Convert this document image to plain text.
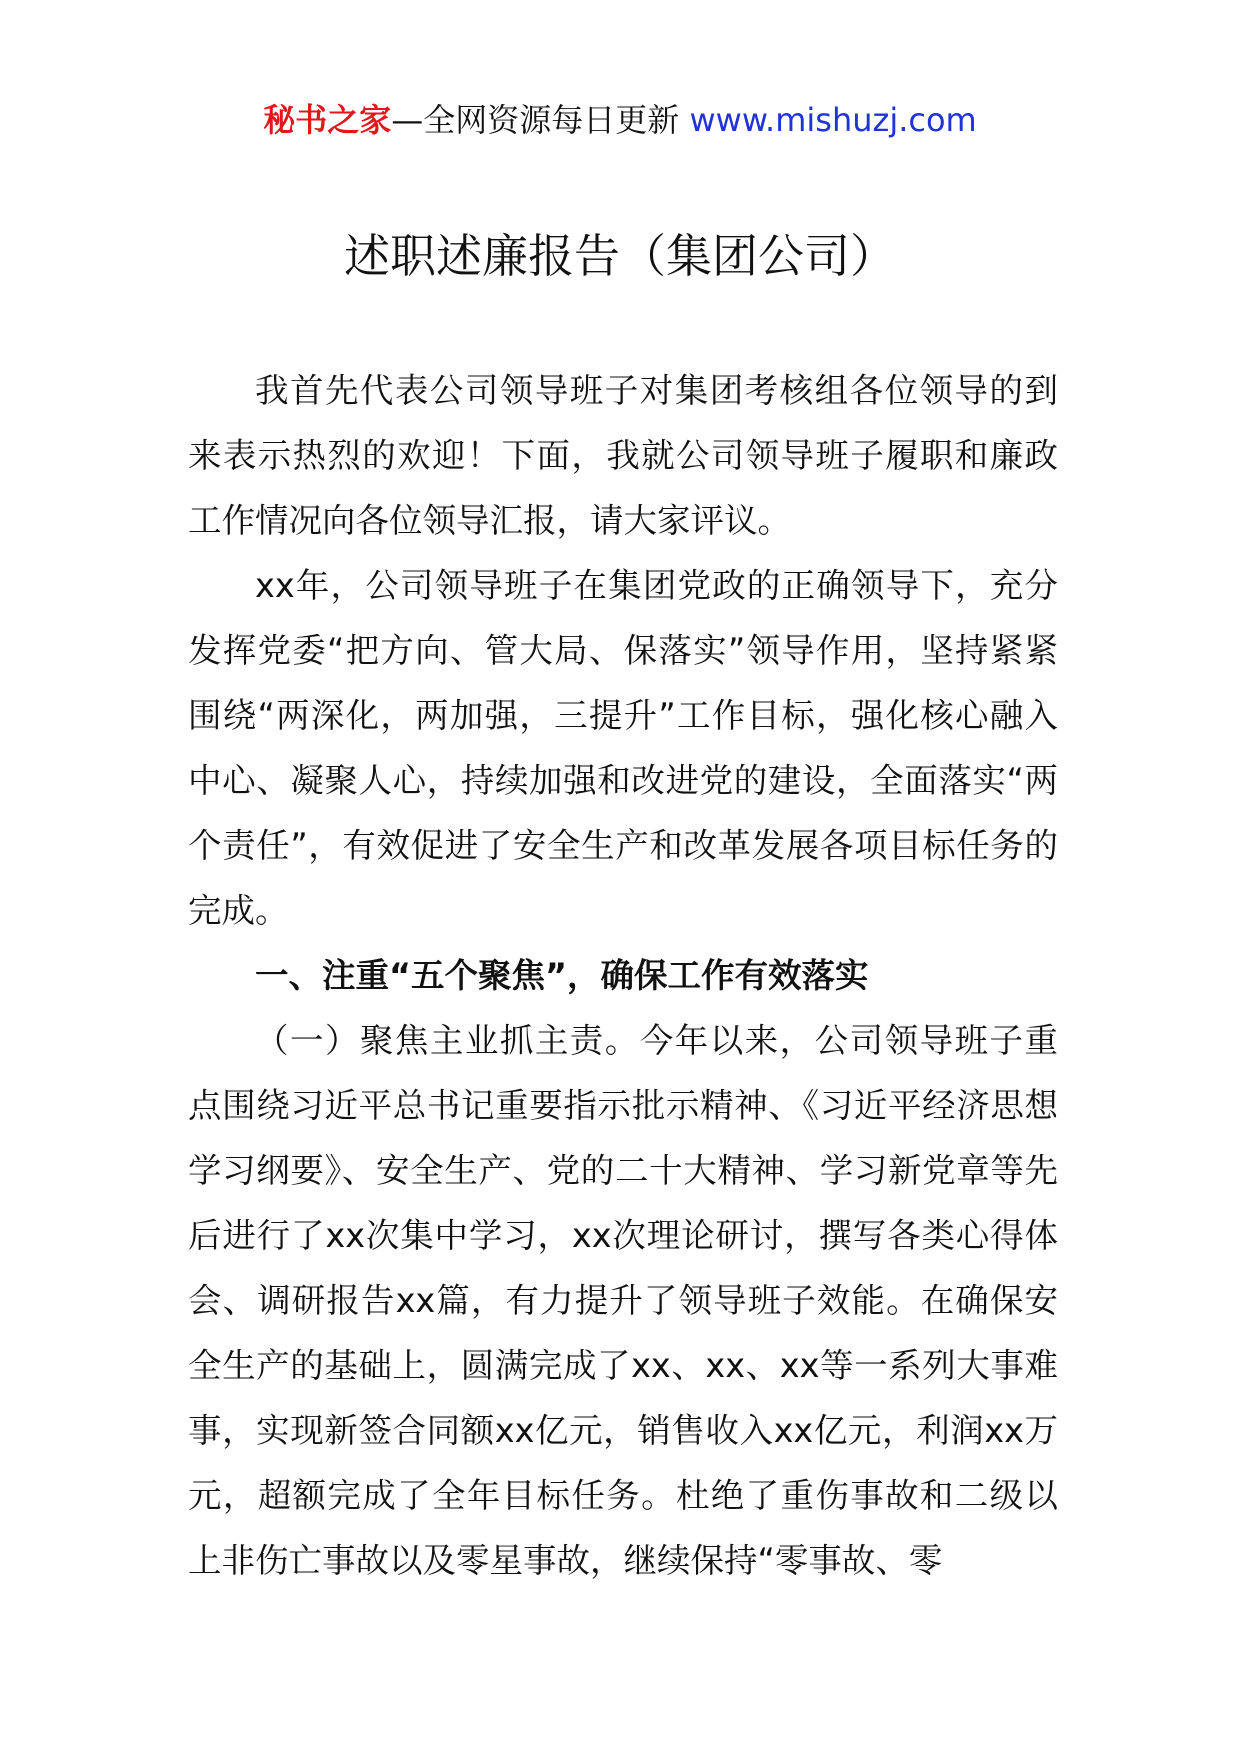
秘书之家—全网资源每日更新 www.mishuzj.com
述职述廉报告（集团公司）

我首先代表公司领导班子对集团考核组各位领导的到来表示热烈的欢迎！下面，我就公司领导班子履职和廉政工作情况向各位领导汇报，请大家评议。

xx年，公司领导班子在集团党政的正确领导下，充分发挥党委“把方向、管大局、保落实”领导作用，坚持紧紧围绕“两深化，两加强，三提升”工作目标，强化核心融入中心、凝聚人心，持续加强和改进党的建设，全面落实“两个责任”，有效促进了安全生产和改革发展各项目标任务的完成。

一、注重“五个聚焦”，确保工作有效落实

（一）聚焦主业抓主责。今年以来，公司领导班子重点围绕习近平总书记重要指示批示精神、《习近平经济思想学习纲要》、安全生产、党的二十大精神、学习新党章等先后进行了xx次集中学习，xx次理论研讨，撰写各类心得体会、调研报告xx篇，有力提升了领导班子效能。在确保安全生产的基础上，圆满完成了xx、xx、xx等一系列大事难事，实现新签合同额xx亿元，销售收入xx亿元，利润xx万元，超额完成了全年目标任务。杜绝了重伤事故和二级以上非伤亡事故以及零星事故，继续保持“零事故、零
